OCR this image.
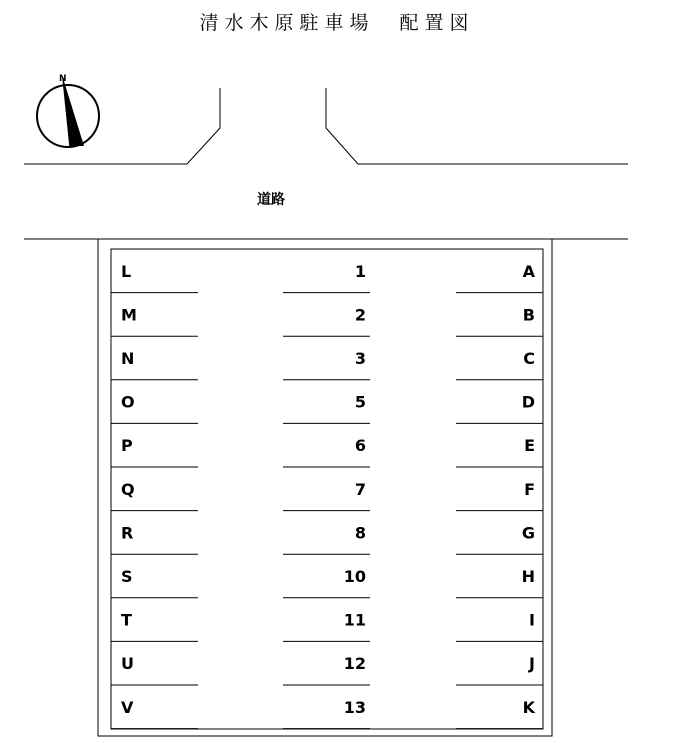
清水木原駐車場　配置図
N
道路
L
M
N
O
P
Q
R
S
T
U
V
1
2
3
5
6
7
8
10
11
12
13
A
B
C
D
E
F
G
H
I
J
K
